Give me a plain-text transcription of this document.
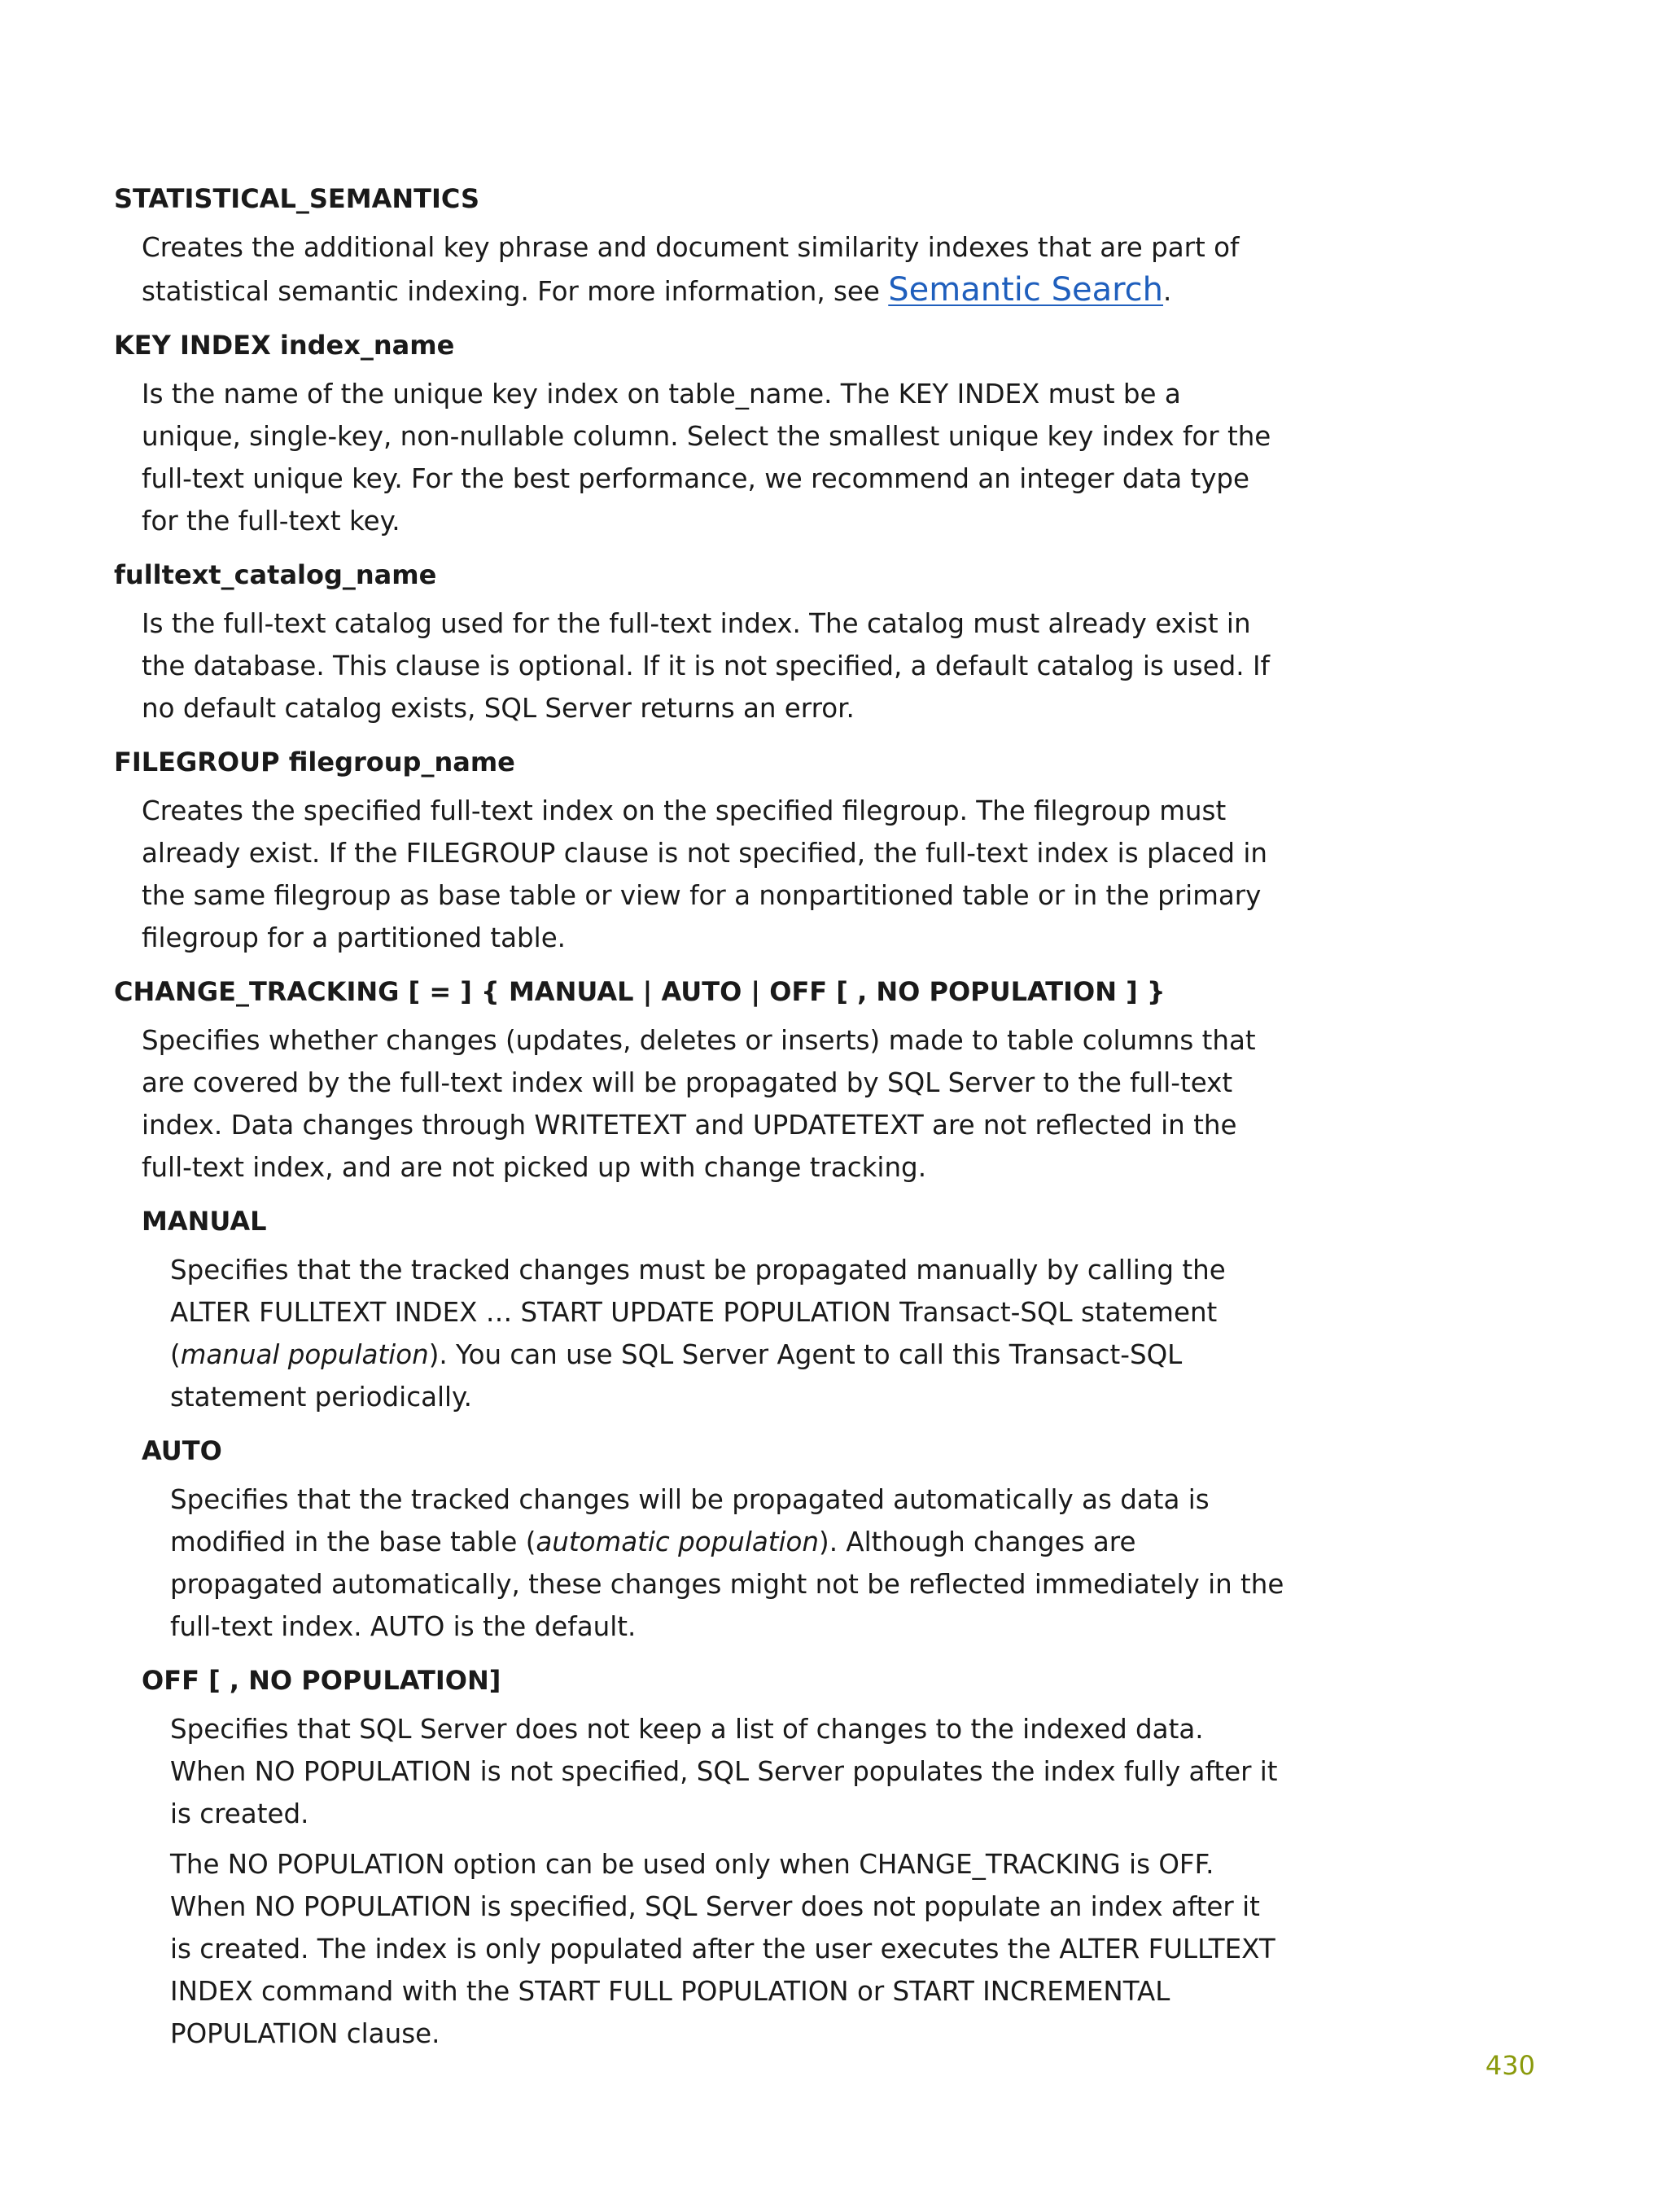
STATISTICAL_SEMANTICS
Creates the additional key phrase and document similarity indexes that are part of statistical semantic indexing. For more information, see Semantic Search.
KEY INDEX index_name
Is the name of the unique key index on table_name. The KEY INDEX must be a unique, single-key, non-nullable column. Select the smallest unique key index for the full-text unique key. For the best performance, we recommend an integer data type for the full-text key.
fulltext_catalog_name
Is the full-text catalog used for the full-text index. The catalog must already exist in the database. This clause is optional. If it is not specified, a default catalog is used. If no default catalog exists, SQL Server returns an error.
FILEGROUP filegroup_name
Creates the specified full-text index on the specified filegroup. The filegroup must already exist. If the FILEGROUP clause is not specified, the full-text index is placed in the same filegroup as base table or view for a nonpartitioned table or in the primary filegroup for a partitioned table.
CHANGE_TRACKING [ = ] { MANUAL | AUTO | OFF [ , NO POPULATION ] }
Specifies whether changes (updates, deletes or inserts) made to table columns that are covered by the full-text index will be propagated by SQL Server to the full-text index. Data changes through WRITETEXT and UPDATETEXT are not reflected in the full-text index, and are not picked up with change tracking.
MANUAL
Specifies that the tracked changes must be propagated manually by calling the ALTER FULLTEXT INDEX … START UPDATE POPULATION Transact-SQL statement (manual population). You can use SQL Server Agent to call this Transact-SQL statement periodically.
AUTO
Specifies that the tracked changes will be propagated automatically as data is modified in the base table (automatic population). Although changes are propagated automatically, these changes might not be reflected immediately in the full-text index. AUTO is the default.
OFF [ , NO POPULATION]
Specifies that SQL Server does not keep a list of changes to the indexed data. When NO POPULATION is not specified, SQL Server populates the index fully after it is created.
The NO POPULATION option can be used only when CHANGE_TRACKING is OFF. When NO POPULATION is specified, SQL Server does not populate an index after it is created. The index is only populated after the user executes the ALTER FULLTEXT INDEX command with the START FULL POPULATION or START INCREMENTAL POPULATION clause.
430
